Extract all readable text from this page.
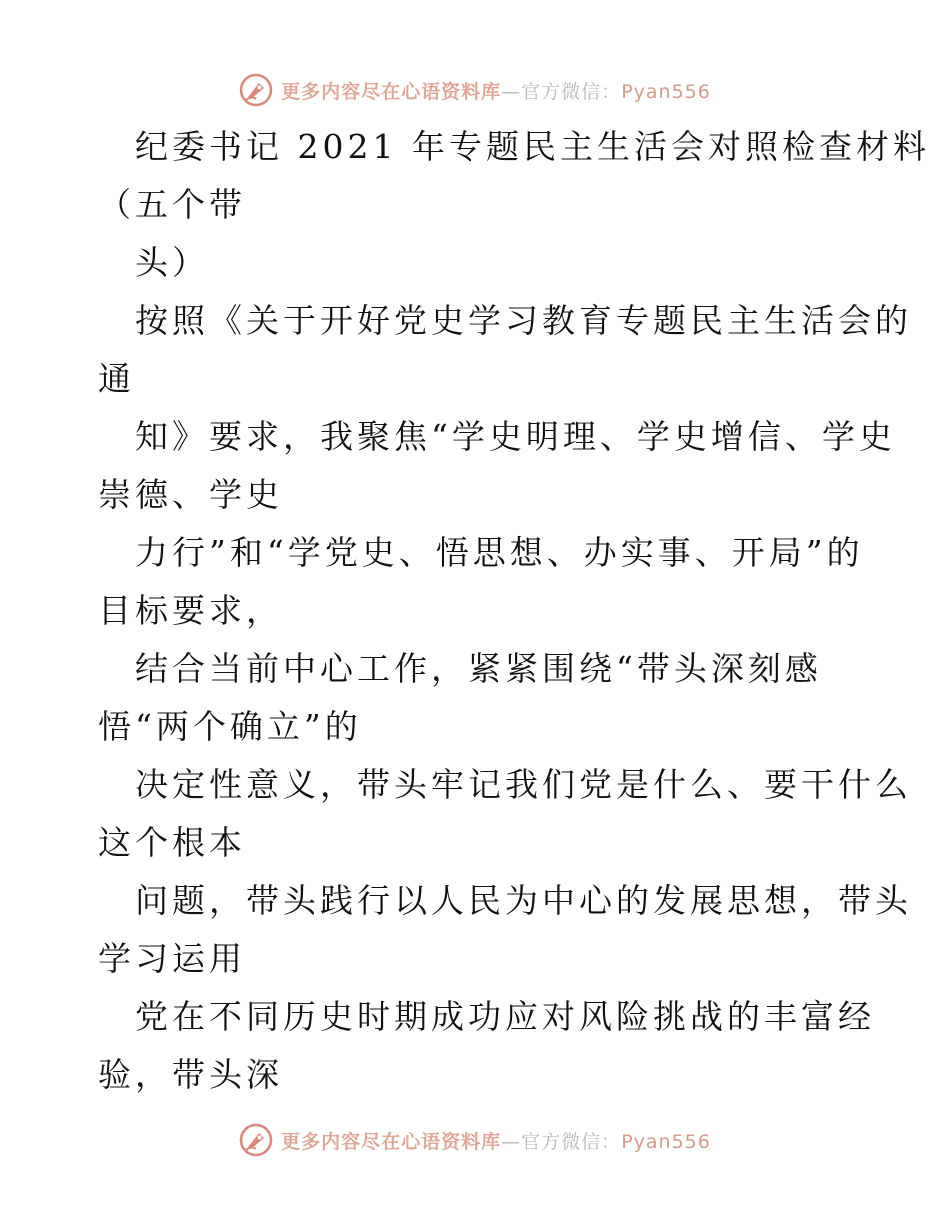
更多内容尽在心语资料库—官方微信：Pyan556
纪委书记 2021 年专题民主生活会对照检查材料
（五个带
头）
按照《关于开好党史学习教育专题民主生活会的
通
知》要求，我聚焦“学史明理、学史增信、学史
崇德、学史
力行”和“学党史、悟思想、办实事、开局”的
目标要求，
结合当前中心工作，紧紧围绕“带头深刻感
悟“两个确立”的
决定性意义，带头牢记我们党是什么、要干什么
这个根本
问题，带头践行以人民为中心的发展思想，带头
学习运用
党在不同历史时期成功应对风险挑战的丰富经
验，带头深
更多内容尽在心语资料库—官方微信：Pyan556
